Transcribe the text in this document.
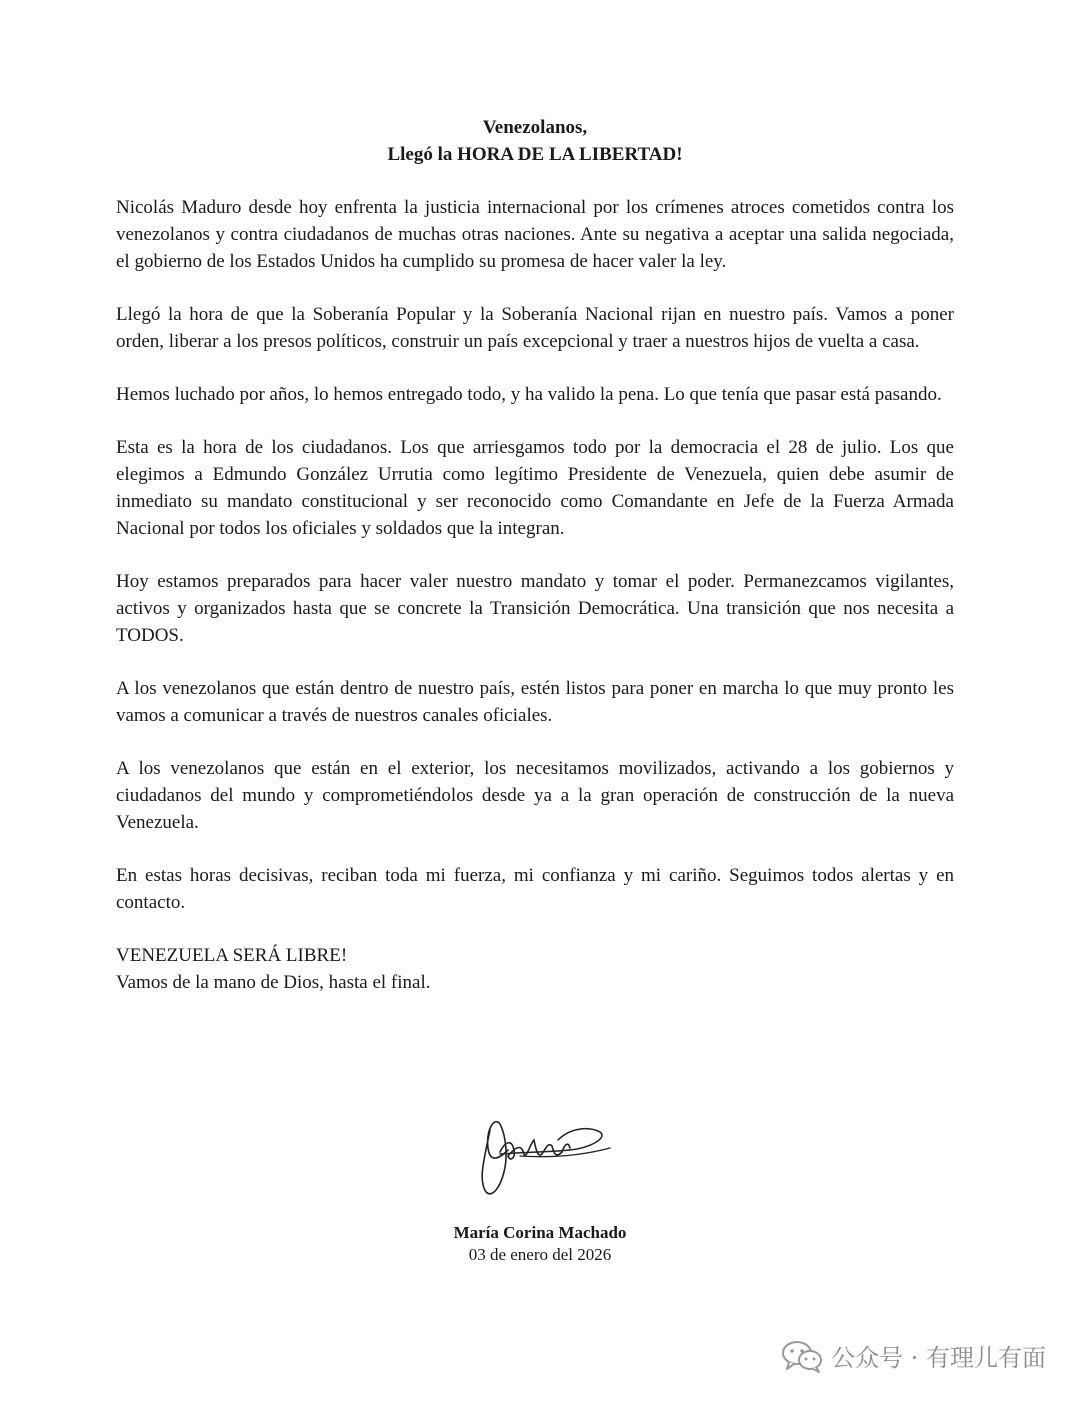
Venezolanos,
Llegó la HORA DE LA LIBERTAD!

Nicolás Maduro desde hoy enfrenta la justicia internacional por los crímenes atroces cometidos contra los venezolanos y contra ciudadanos de muchas otras naciones. Ante su negativa a aceptar una salida negociada, el gobierno de los Estados Unidos ha cumplido su promesa de hacer valer la ley.

Llegó la hora de que la Soberanía Popular y la Soberanía Nacional rijan en nuestro país. Vamos a poner orden, liberar a los presos políticos, construir un país excepcional y traer a nuestros hijos de vuelta a casa.

Hemos luchado por años, lo hemos entregado todo, y ha valido la pena. Lo que tenía que pasar está pasando.

Esta es la hora de los ciudadanos. Los que arriesgamos todo por la democracia el 28 de julio. Los que elegimos a Edmundo González Urrutia como legítimo Presidente de Venezuela, quien debe asumir de inmediato su mandato constitucional y ser reconocido como Comandante en Jefe de la Fuerza Armada Nacional por todos los oficiales y soldados que la integran.

Hoy estamos preparados para hacer valer nuestro mandato y tomar el poder. Permanezcamos vigilantes, activos y organizados hasta que se concrete la Transición Democrática. Una transición que nos necesita a TODOS.

A los venezolanos que están dentro de nuestro país, estén listos para poner en marcha lo que muy pronto les vamos a comunicar a través de nuestros canales oficiales.

A los venezolanos que están en el exterior, los necesitamos movilizados, activando a los gobiernos y ciudadanos del mundo y comprometiéndolos desde ya a la gran operación de construcción de la nueva Venezuela.

En estas horas decisivas, reciban toda mi fuerza, mi confianza y mi cariño. Seguimos todos alertas y en contacto.

VENEZUELA SERÁ LIBRE!
Vamos de la mano de Dios, hasta el final.
María Corina Machado
03 de enero del 2026
公众号 · 有理儿有面
